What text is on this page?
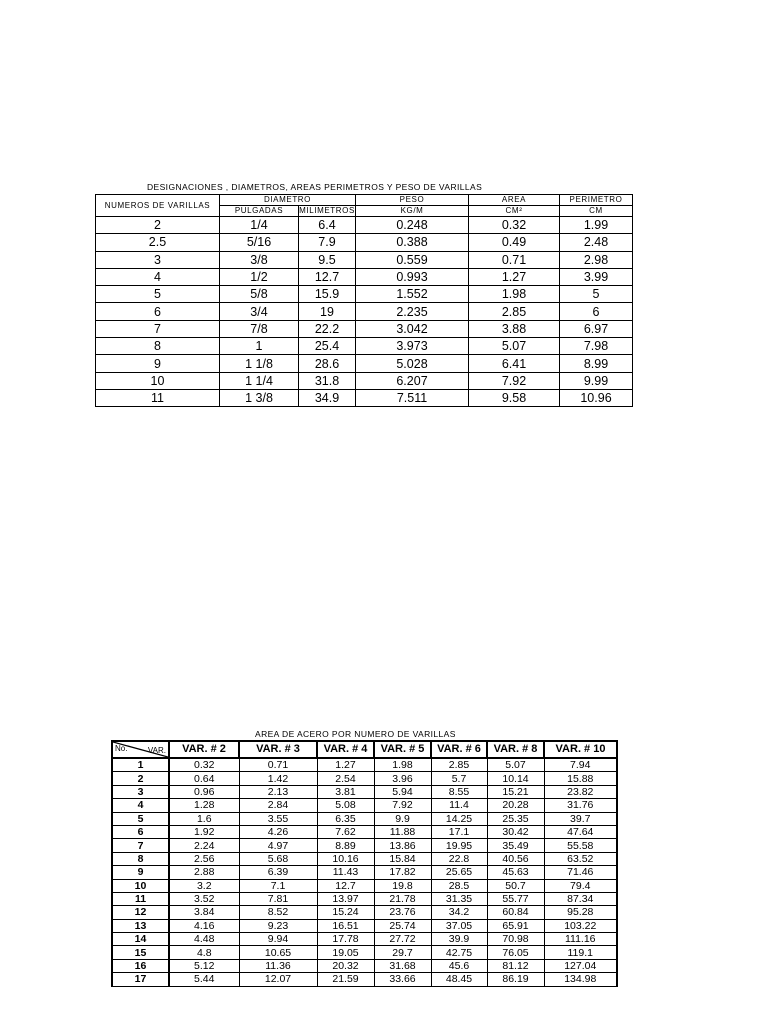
DESIGNACIONES , DIAMETROS, AREAS PERIMETROS Y PESO DE VARILLAS
NUMEROS DE VARILLAS	DIAMETRO		PESO	AREA	PERIMETRO
	PULGADAS	MILIMETROS	KG/M	CM²	CM
2	1/4	6.4	0.248	0.32	1.99
2.5	5/16	7.9	0.388	0.49	2.48
3	3/8	9.5	0.559	0.71	2.98
4	1/2	12.7	0.993	1.27	3.99
5	5/8	15.9	1.552	1.98	5
6	3/4	19	2.235	2.85	6
7	7/8	22.2	3.042	3.88	6.97
8	1	25.4	3.973	5.07	7.98
9	1 1/8	28.6	5.028	6.41	8.99
10	1 1/4	31.8	6.207	7.92	9.99
11	1 3/8	34.9	7.511	9.58	10.96
AREA DE ACERO POR NUMERO DE VARILLAS
No. VAR.	VAR. # 2	VAR. # 3	VAR. # 4	VAR. # 5	VAR. # 6	VAR. # 8	VAR. # 10
1	0.32	0.71	1.27	1.98	2.85	5.07	7.94
2	0.64	1.42	2.54	3.96	5.7	10.14	15.88
3	0.96	2.13	3.81	5.94	8.55	15.21	23.82
4	1.28	2.84	5.08	7.92	11.4	20.28	31.76
5	1.6	3.55	6.35	9.9	14.25	25.35	39.7
6	1.92	4.26	7.62	11.88	17.1	30.42	47.64
7	2.24	4.97	8.89	13.86	19.95	35.49	55.58
8	2.56	5.68	10.16	15.84	22.8	40.56	63.52
9	2.88	6.39	11.43	17.82	25.65	45.63	71.46
10	3.2	7.1	12.7	19.8	28.5	50.7	79.4
11	3.52	7.81	13.97	21.78	31.35	55.77	87.34
12	3.84	8.52	15.24	23.76	34.2	60.84	95.28
13	4.16	9.23	16.51	25.74	37.05	65.91	103.22
14	4.48	9.94	17.78	27.72	39.9	70.98	111.16
15	4.8	10.65	19.05	29.7	42.75	76.05	119.1
16	5.12	11.36	20.32	31.68	45.6	81.12	127.04
17	5.44	12.07	21.59	33.66	48.45	86.19	134.98
